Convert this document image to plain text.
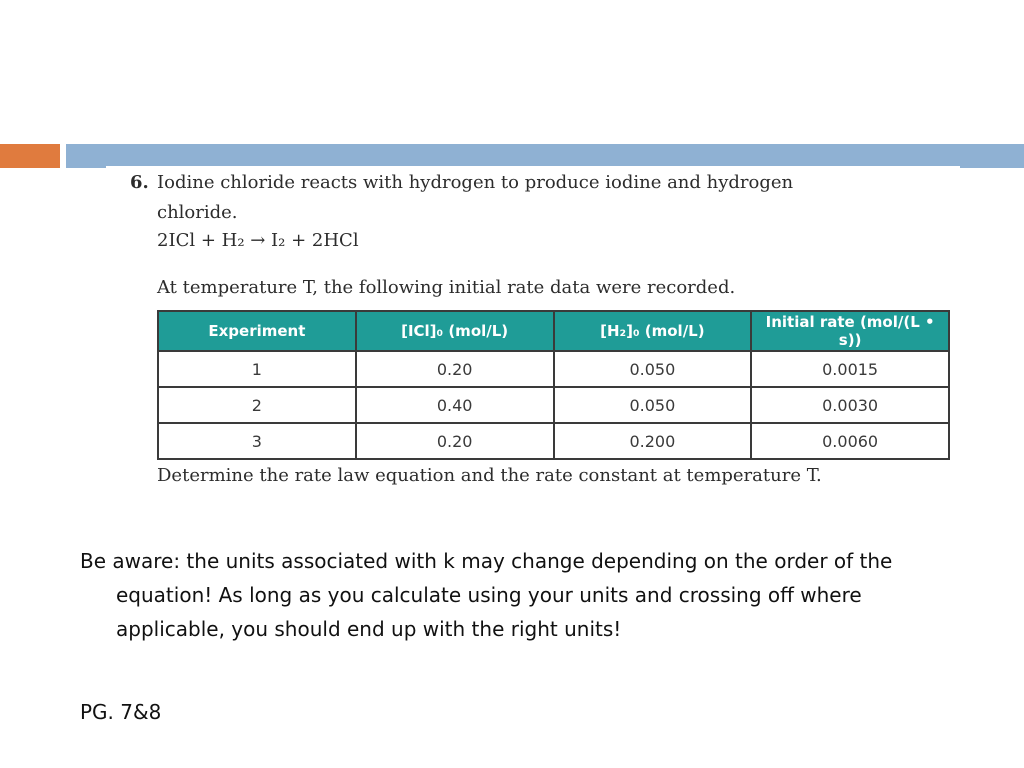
6. Iodine chloride reacts with hydrogen to produce iodine and hydrogen
chloride.
2ICl + H₂ → I₂ + 2HCl
At temperature T, the following initial rate data were recorded.
Experiment	[ICl]₀ (mol/L)	[H₂]₀ (mol/L)	Initial rate (mol/(L • s))
1	0.20	0.050	0.0015
2	0.40	0.050	0.0030
3	0.20	0.200	0.0060
Determine the rate law equation and the rate constant at temperature T.

Be aware: the units associated with k may change depending on the order of the equation! As long as you calculate using your units and crossing off where applicable, you should end up with the right units!

PG. 7&8
